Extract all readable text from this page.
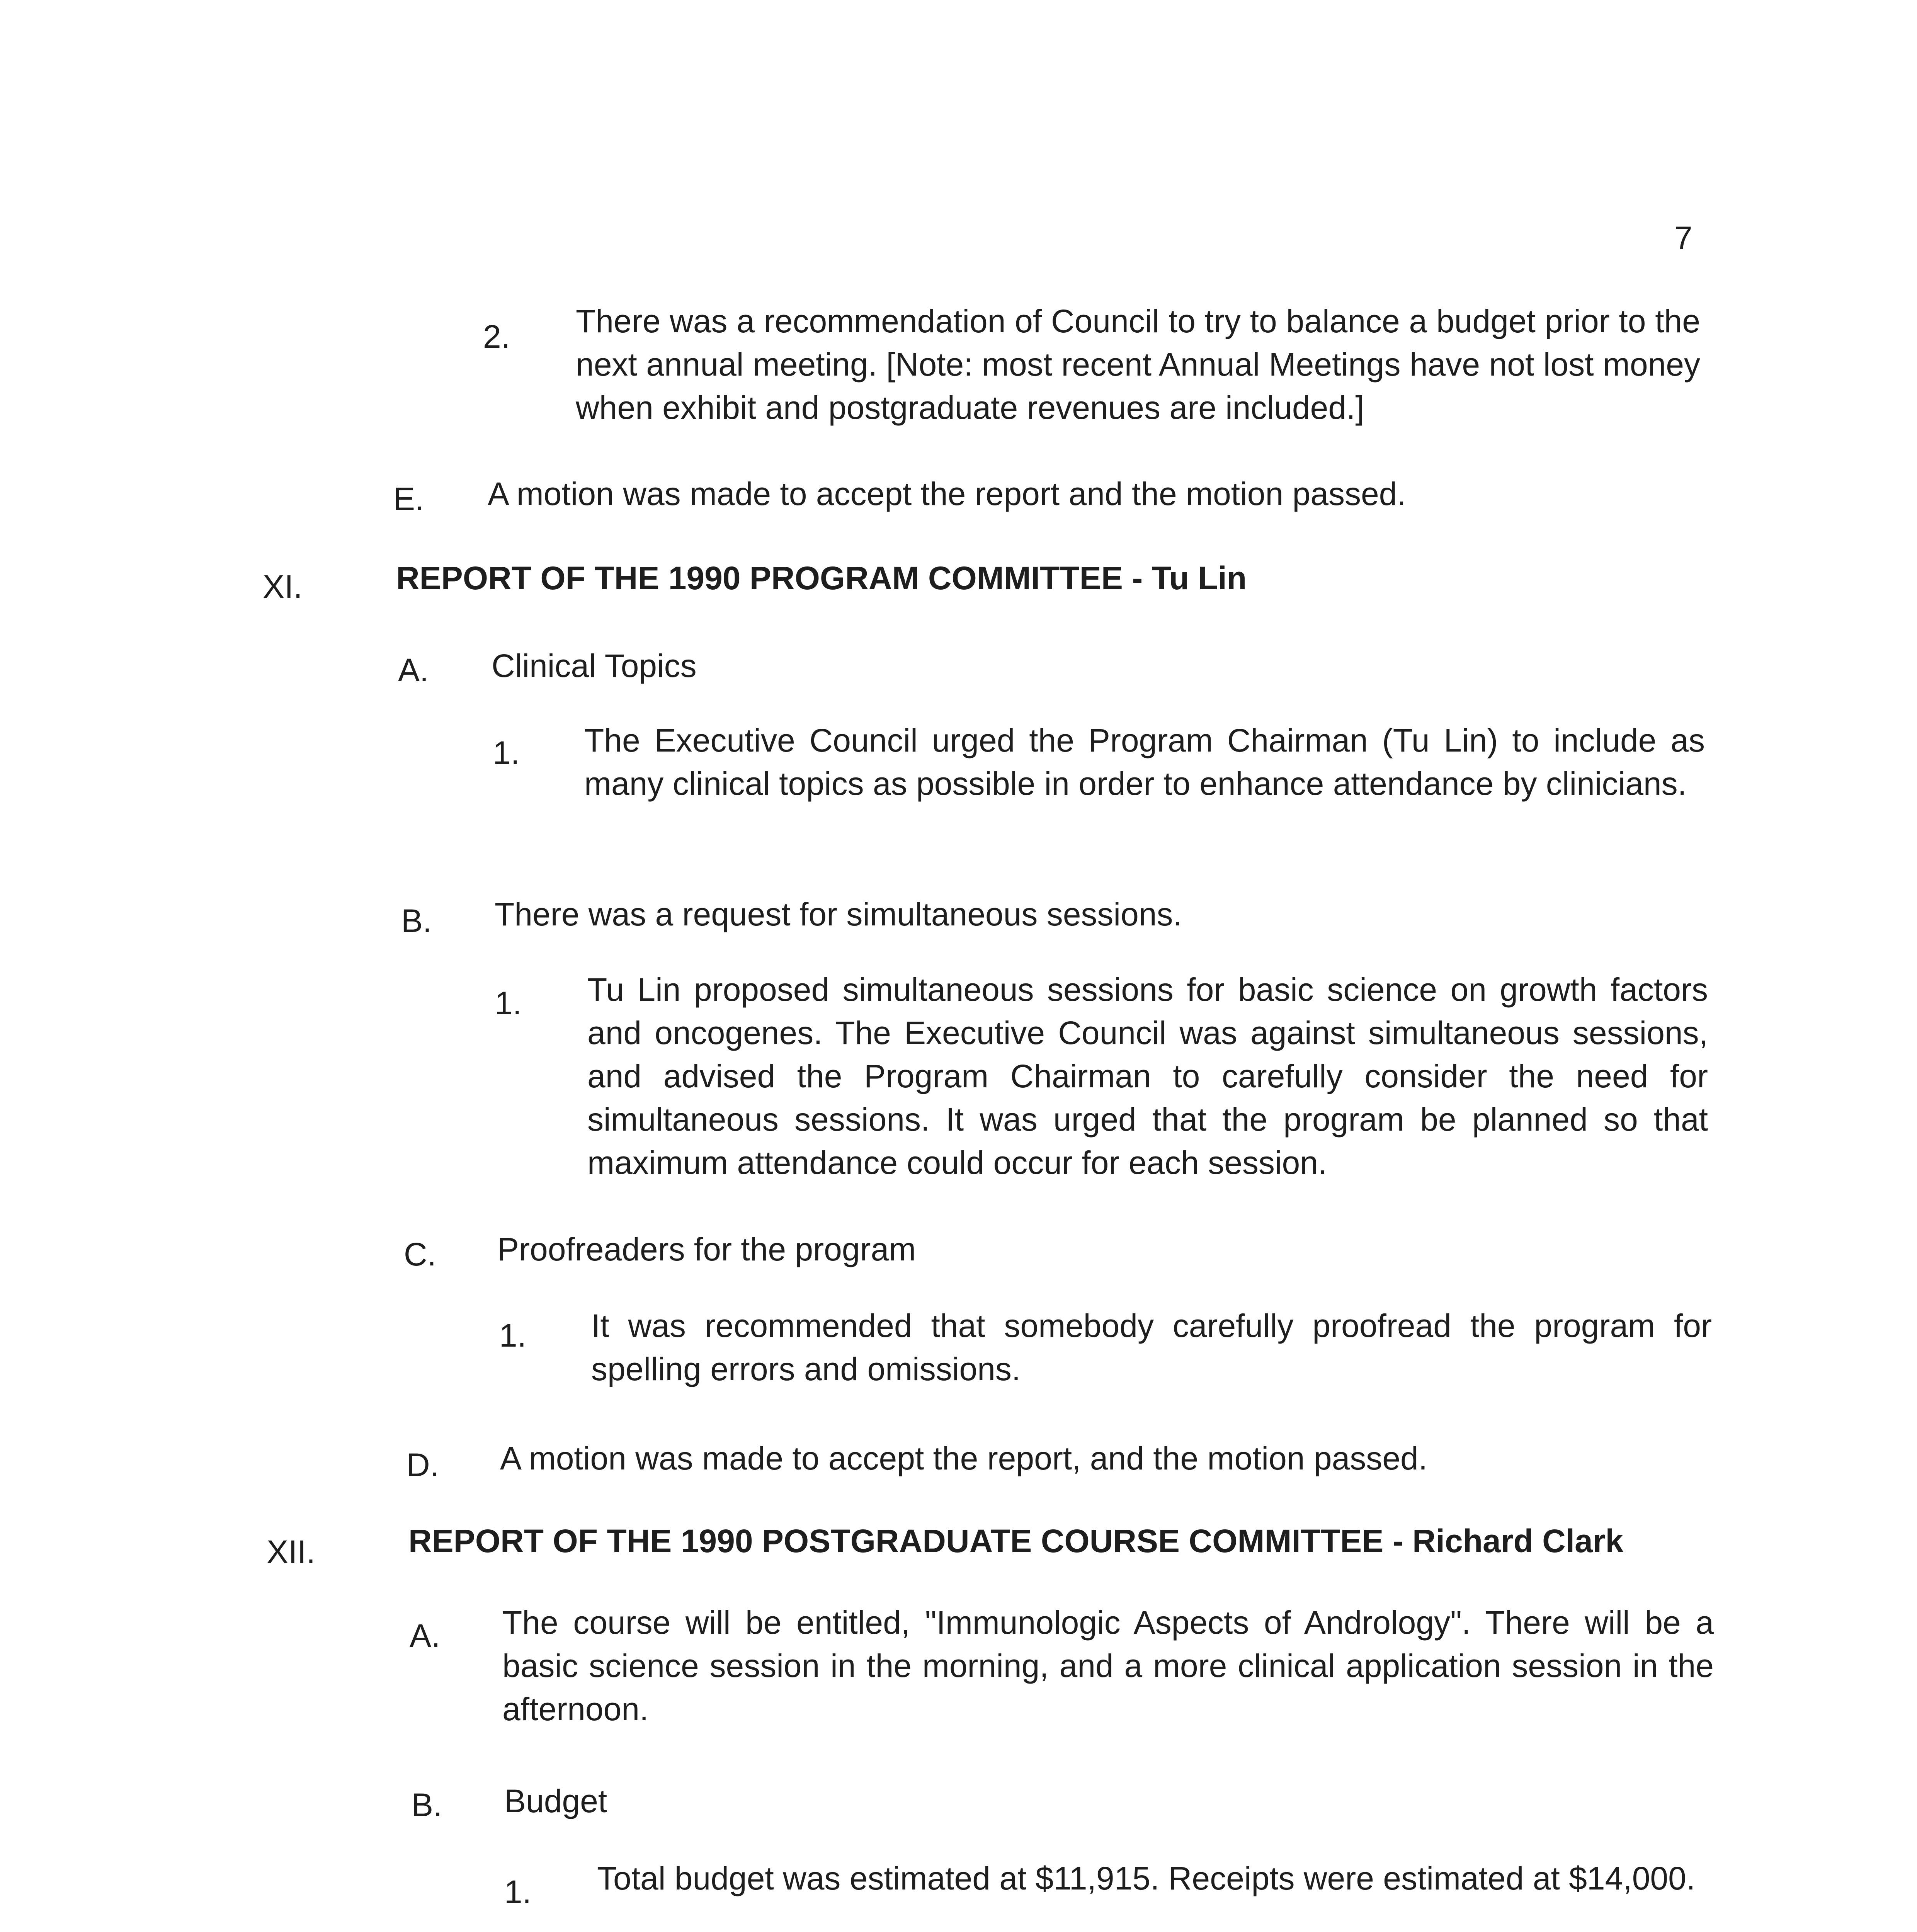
7
2. There was a recommendation of Council to try to balance a budget prior to the next annual meeting. [Note: most recent Annual Meetings have not lost money when exhibit and postgraduate revenues are included.]
E. A motion was made to accept the report and the motion passed.
XI.	REPORT OF THE 1990 PROGRAM COMMITTEE - Tu Lin
A. Clinical Topics
1. The Executive Council urged the Program Chairman (Tu Lin) to include as many clinical topics as possible in order to enhance attendance by clinicians.
B. There was a request for simultaneous sessions.
1. Tu Lin proposed simultaneous sessions for basic science on growth factors and oncogenes. The Executive Council was against simultaneous sessions, and advised the Program Chairman to carefully consider the need for simultaneous sessions. It was urged that the program be planned so that maximum attendance could occur for each session.
C. Proofreaders for the program
1. It was recommended that somebody carefully proofread the program for spelling errors and omissions.
D. A motion was made to accept the report, and the motion passed.
XII.	REPORT OF THE 1990 POSTGRADUATE COURSE COMMITTEE - Richard Clark
A. The course will be entitled, "Immunologic Aspects of Andrology". There will be a basic science session in the morning, and a more clinical application session in the afternoon.
B. Budget
1. Total budget was estimated at $11,915. Receipts were estimated at $14,000.
